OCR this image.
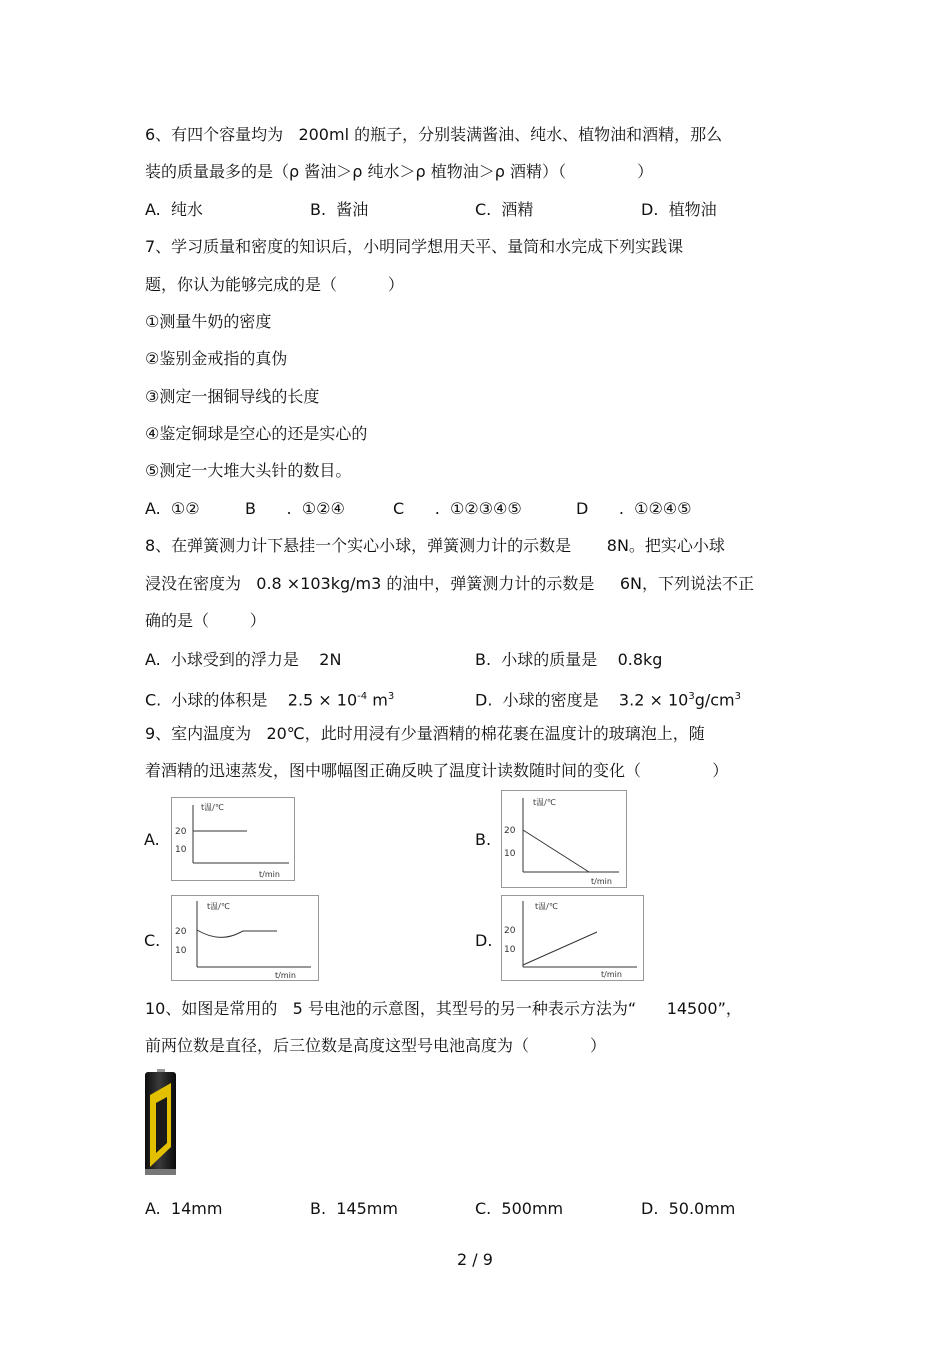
6、有四个容量均为   200ml 的瓶子，分别装满酱油、纯水、植物油和酒精，那么
装的质量最多的是（ρ 酱油＞ρ 纯水＞ρ 植物油＞ρ 酒精）（              ）
A.  纯水	B.  酱油	C.  酒精	D.  植物油
7、学习质量和密度的知识后，小明同学想用天平、量筒和水完成下列实践课
题，你认为能够完成的是（          ）
①测量牛奶的密度
②鉴别金戒指的真伪
③测定一捆铜导线的长度
④鉴定铜球是空心的还是实心的
⑤测定一大堆大头针的数目。
A.  ①②	B      .  ①②④	C      .  ①②③④⑤	D      .  ①②④⑤
8、在弹簧测力计下悬挂一个实心小球，弹簧测力计的示数是       8N。把实心小球
浸没在密度为   0.8 ×103kg/m3 的油中，弹簧测力计的示数是     6N，下列说法不正
确的是（        ）
A.  小球受到的浮力是    2N	B.  小球的质量是    0.8kg
C.  小球的体积是    $2.5 \times 10^{-4}$ $m^3$	D.  小球的密度是    $3.2 \times 10^3g/cm^3$
9、室内温度为   20℃，此时用浸有少量酒精的棉花裹在温度计的玻璃泡上，随
着酒精的迅速蒸发，图中哪幅图正确反映了温度计读数随时间的变化（              ）
A.	B.
C.	D.
t温/℃
20
10
t/min
t温/℃
20
10
t/min
t温/℃
20
10
t/min
t温/℃
20
10
t/min
10、如图是常用的   5 号电池的示意图，其型号的另一种表示方法为“      14500”，
前两位数是直径，后三位数是高度这型号电池高度为（            ）
A.  14mm	B.  145mm	C.  500mm	D.  50.0mm
2 / 9
